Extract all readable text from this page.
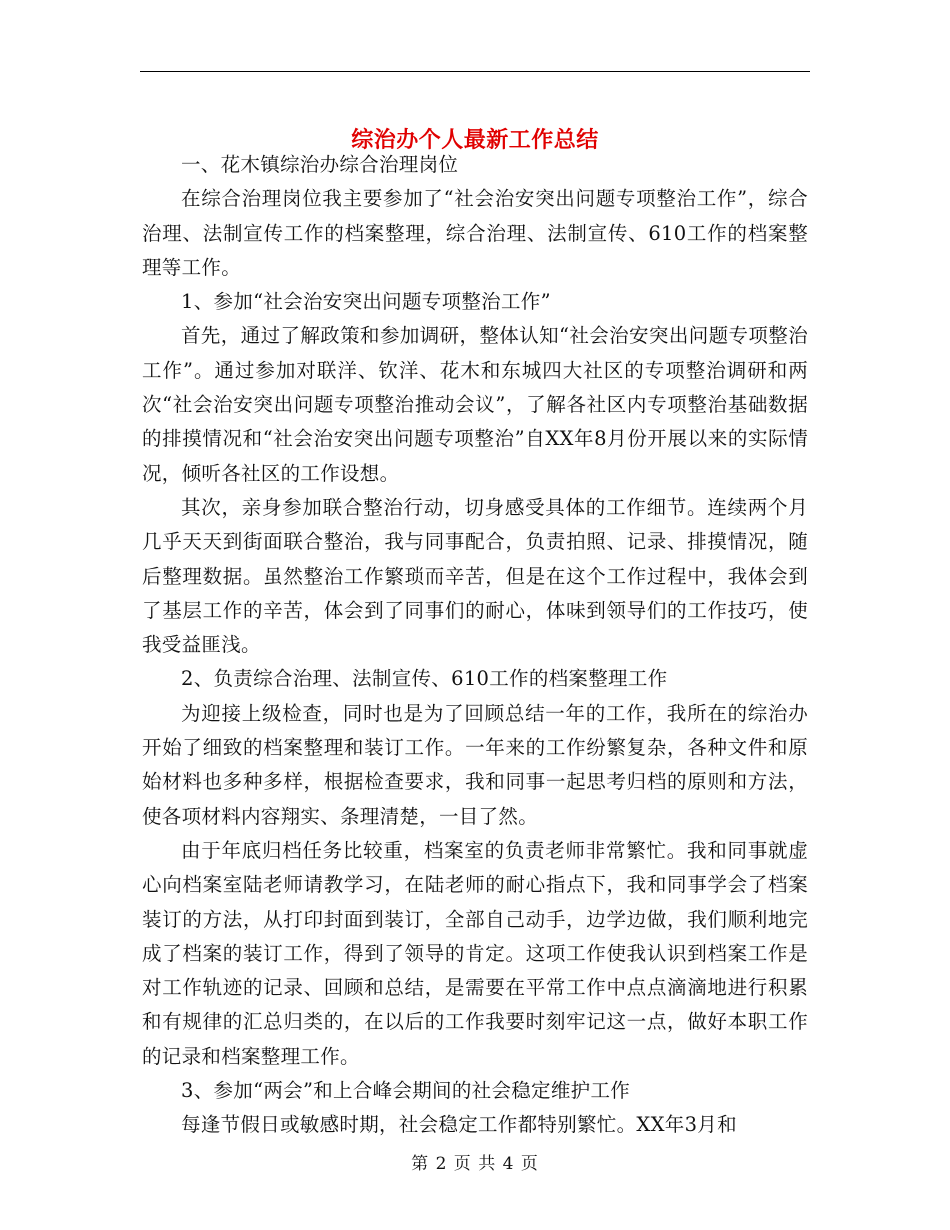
综治办个人最新工作总结

一、花木镇综治办综合治理岗位

在综合治理岗位我主要参加了“社会治安突出问题专项整治工作”，综合治理、法制宣传工作的档案整理，综合治理、法制宣传、610工作的档案整理等工作。

1、参加“社会治安突出问题专项整治工作”

首先，通过了解政策和参加调研，整体认知“社会治安突出问题专项整治工作”。通过参加对联洋、钦洋、花木和东城四大社区的专项整治调研和两次“社会治安突出问题专项整治推动会议”，了解各社区内专项整治基础数据的排摸情况和“社会治安突出问题专项整治”自XX年8月份开展以来的实际情况，倾听各社区的工作设想。

其次，亲身参加联合整治行动，切身感受具体的工作细节。连续两个月几乎天天到街面联合整治，我与同事配合，负责拍照、记录、排摸情况，随后整理数据。虽然整治工作繁琐而辛苦，但是在这个工作过程中，我体会到了基层工作的辛苦，体会到了同事们的耐心，体味到领导们的工作技巧，使我受益匪浅。

2、负责综合治理、法制宣传、610工作的档案整理工作

为迎接上级检查，同时也是为了回顾总结一年的工作，我所在的综治办开始了细致的档案整理和装订工作。一年来的工作纷繁复杂，各种文件和原始材料也多种多样，根据检查要求，我和同事一起思考归档的原则和方法，使各项材料内容翔实、条理清楚，一目了然。

由于年底归档任务比较重，档案室的负责老师非常繁忙。我和同事就虚心向档案室陆老师请教学习，在陆老师的耐心指点下，我和同事学会了档案装订的方法，从打印封面到装订，全部自己动手，边学边做，我们顺利地完成了档案的装订工作，得到了领导的肯定。这项工作使我认识到档案工作是对工作轨迹的记录、回顾和总结，是需要在平常工作中点点滴滴地进行积累和有规律的汇总归类的，在以后的工作我要时刻牢记这一点，做好本职工作的记录和档案整理工作。

3、参加“两会”和上合峰会期间的社会稳定维护工作

每逢节假日或敏感时期，社会稳定工作都特别繁忙。XX年3月和

第 2 页 共 4 页
